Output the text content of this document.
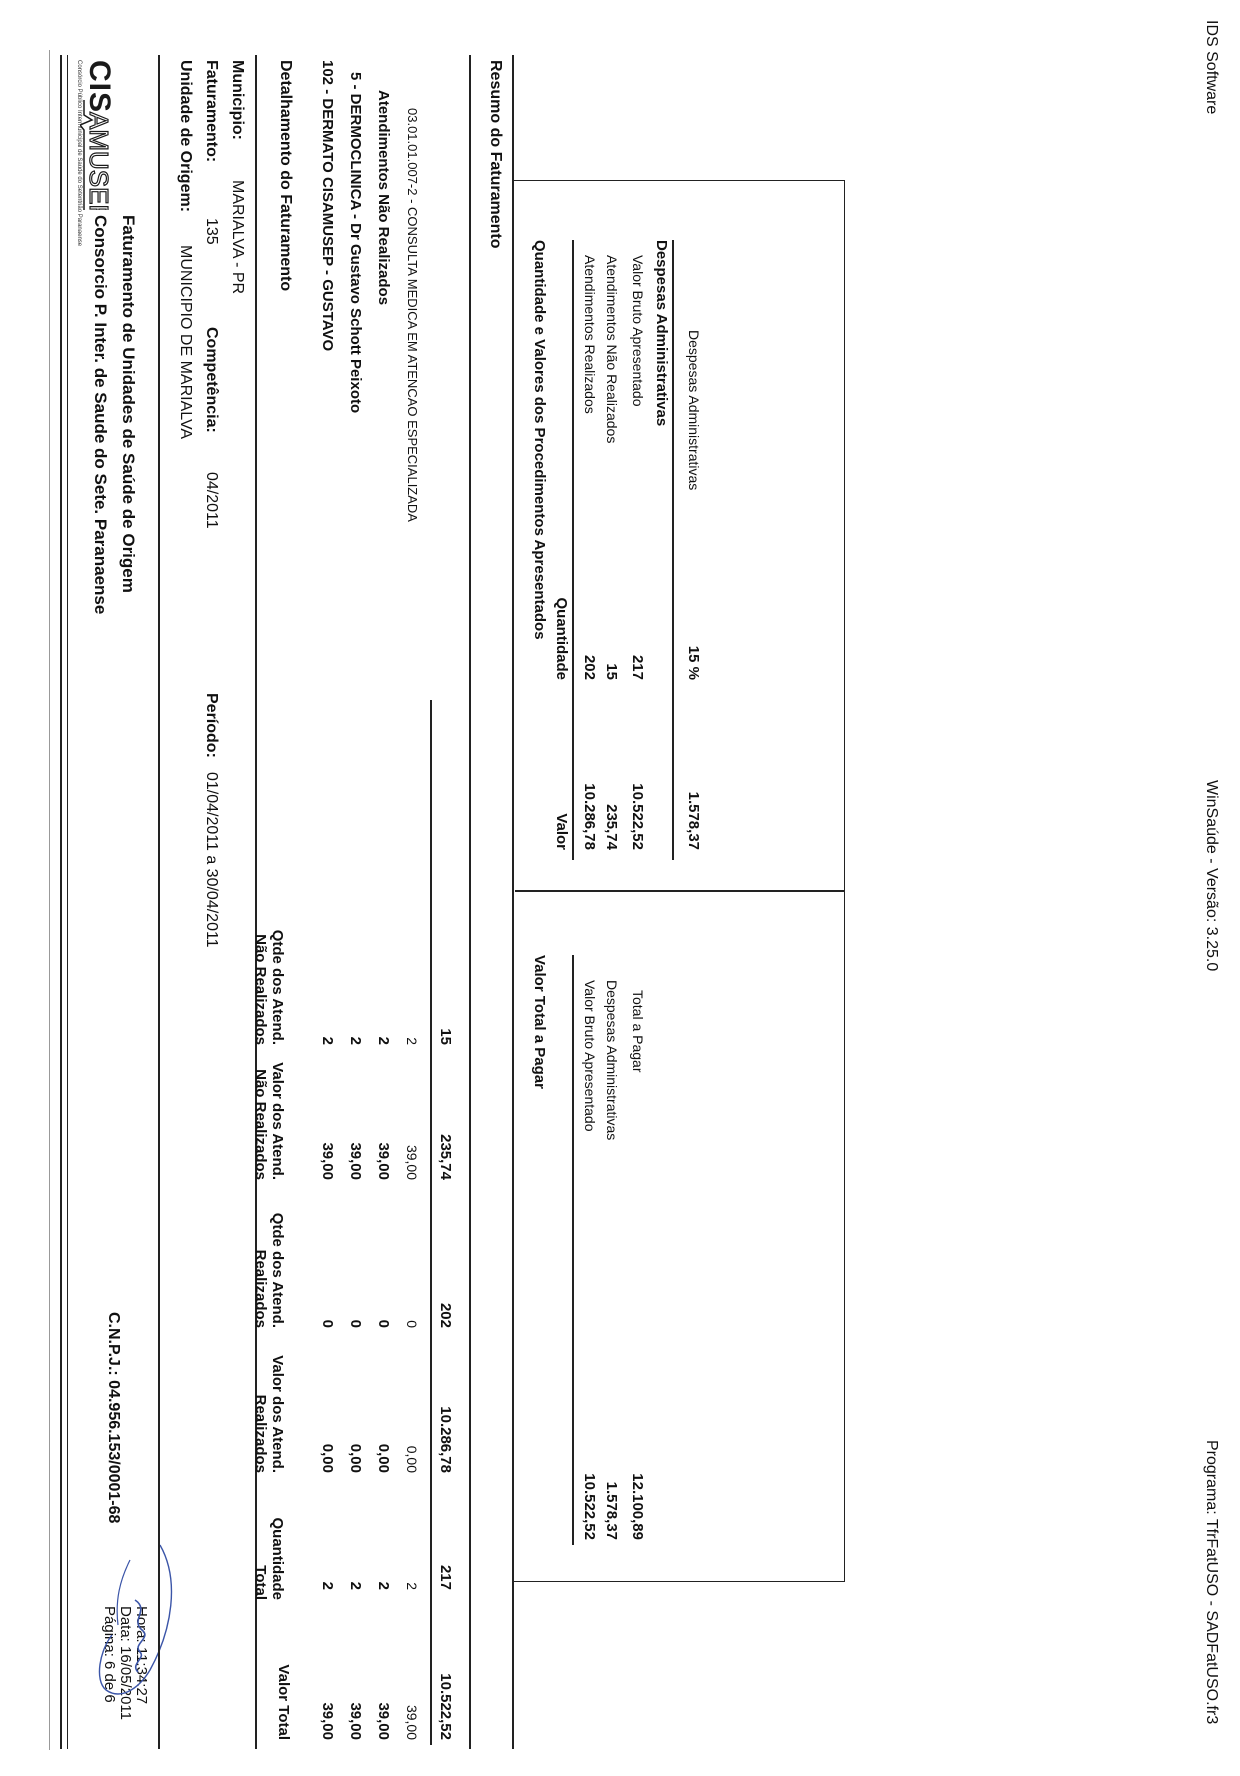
CIS
AMUSEP
Consórcio Público Intermunicipal de Saúde do Setentrião Paranaense
Consorcio P. Inter. de Saude do Sete. Paranaense Faturamento de Unidades de Saúde de Origem
C.N.P.J.: 04.956.153/0001-68
Página: 6 de 6 Data: 16/05/2011 Hora: 11:34:27
Unidade de Origem:
MUNICIPIO DE MARIALVA
Faturamento:
135
Competência:
04/2011
Período:
01/04/2011 a 30/04/2011
Municipio:
MARIALVA - PR Detalhamento do Faturamento
Qtde dos Atend.
Não Realizados
Valor dos Atend.
Não Realizados
Qtde dos Atend.
Realizados
Valor dos Atend.
Realizados
Quantidade
Total
Valor Total
102 - DERMATO CISAMUSEP - GUSTAVO 5 - DERMOCLINICA - Dr Gustavo Schott Peixoto Atendimentos Não Realizados 03.01.01.007-2 - CONSULTA MEDICA EM ATENCAO ESPECIALIZADA
2
39,00
0
0,00
2
39,00
2
39,00
0
0,00
2
39,00
2
39,00
0
0,00
2
39,00
2
39,00
0
0,00
2
39,00
15
235,74
202
10.286,78
217
10.522,52
Resumo do Faturamento
Quantidade e Valores dos Procedimentos Apresentados Quantidade
Valor
Atendimentos Realizados
202
10.286,78
Atendimentos Não Realizados
15
235,74
Valor Bruto Apresentado
217
10.522,52
Despesas Administrativas Despesas Administrativas
15 %
1.578,37
Valor Total a Pagar Valor Bruto Apresentado
10.522,52
Despesas Administrativas
1.578,37
Total a Pagar
12.100,89
IDS Software
WinSaúde - Versão: 3.25.0
Programa: TfrFatUSO - SADFatUSO.fr3
